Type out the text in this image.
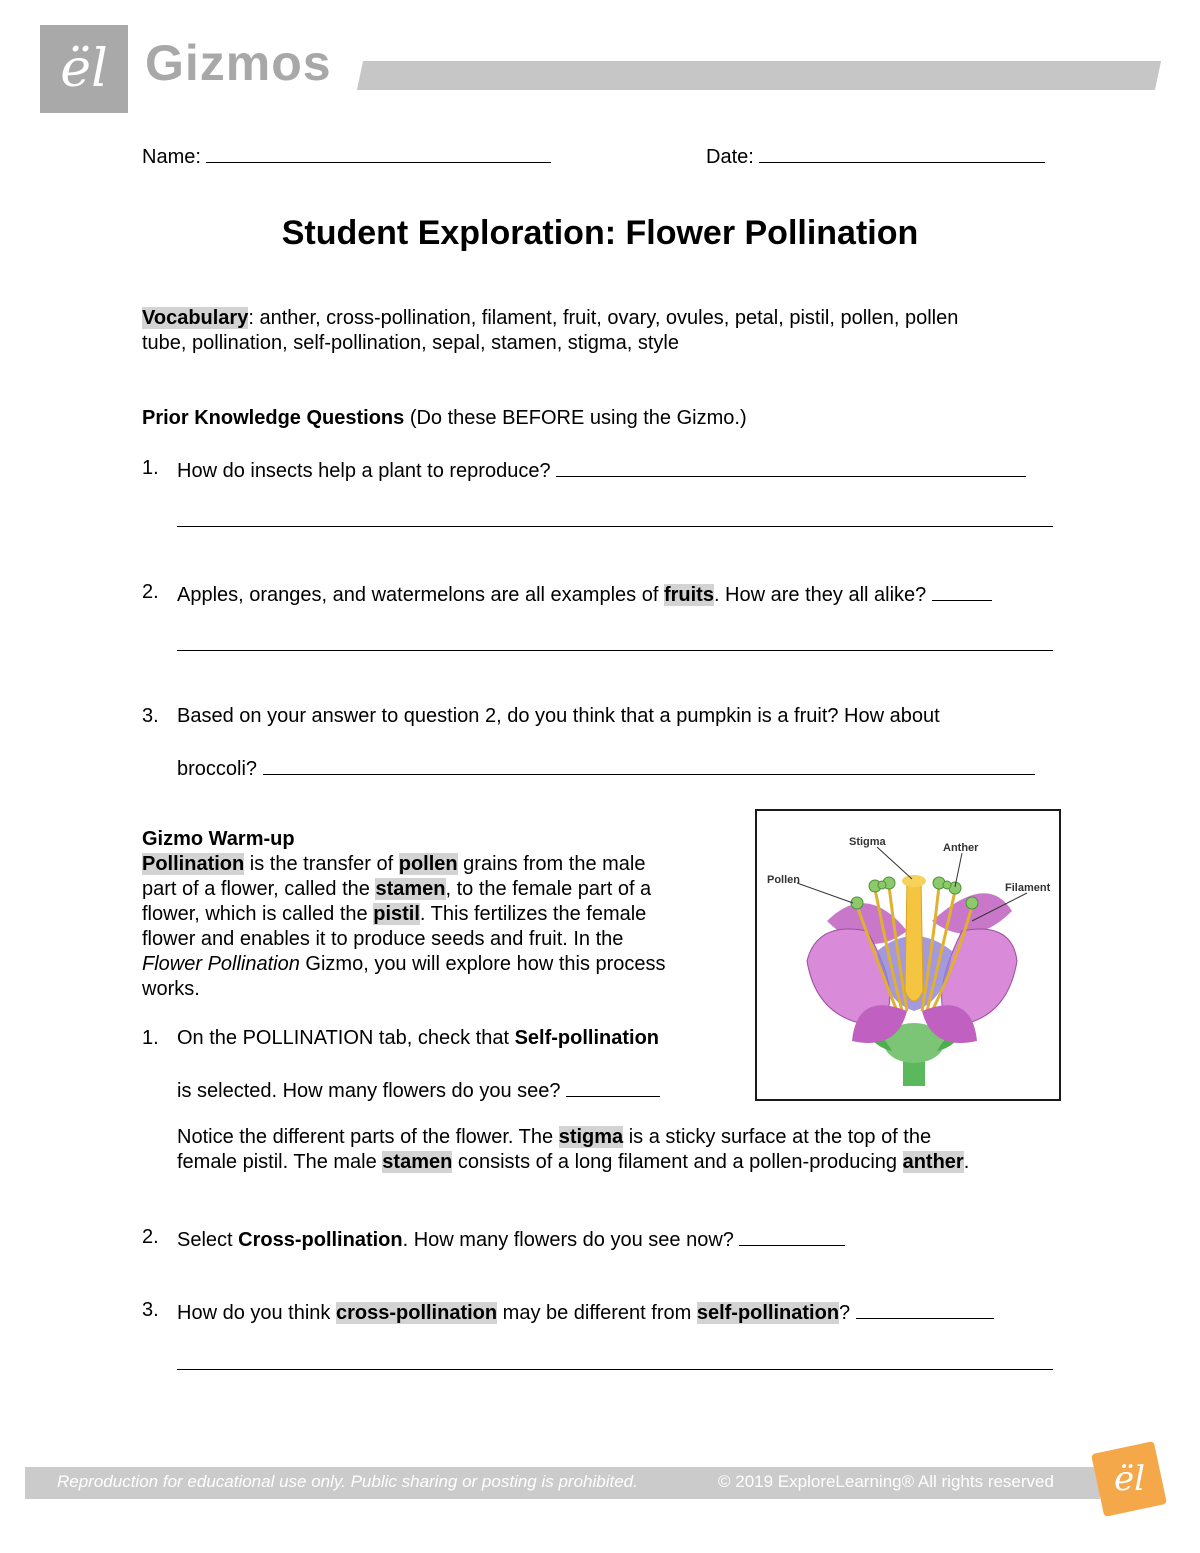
ël Gizmos
Name:	Date:
Student Exploration: Flower Pollination
Vocabulary: anther, cross-pollination, filament, fruit, ovary, ovules, petal, pistil, pollen, pollen
tube, pollination, self-pollination, sepal, stamen, stigma, style
Prior Knowledge Questions (Do these BEFORE using the Gizmo.)
1. How do insects help a plant to reproduce?
2. Apples, oranges, and watermelons are all examples of fruits. How are they all alike?
3. Based on your answer to question 2, do you think that a pumpkin is a fruit? How about
broccoli?
Gizmo Warm-up
Pollination is the transfer of pollen grains from the male
part of a flower, called the stamen, to the female part of a
flower, which is called the pistil. This fertilizes the female
flower and enables it to produce seeds and fruit. In the
Flower Pollination Gizmo, you will explore how this process
works.
1. On the POLLINATION tab, check that Self-pollination
is selected. How many flowers do you see?
Notice the different parts of the flower. The stigma is a sticky surface at the top of the
female pistil. The male stamen consists of a long filament and a pollen-producing anther.
2. Select Cross-pollination. How many flowers do you see now?
3. How do you think cross-pollination may be different from self-pollination?
Stigma	Anther
Pollen
Filament
Reproduction for educational use only. Public sharing or posting is prohibited.	© 2019 ExploreLearning® All rights reserved ël
